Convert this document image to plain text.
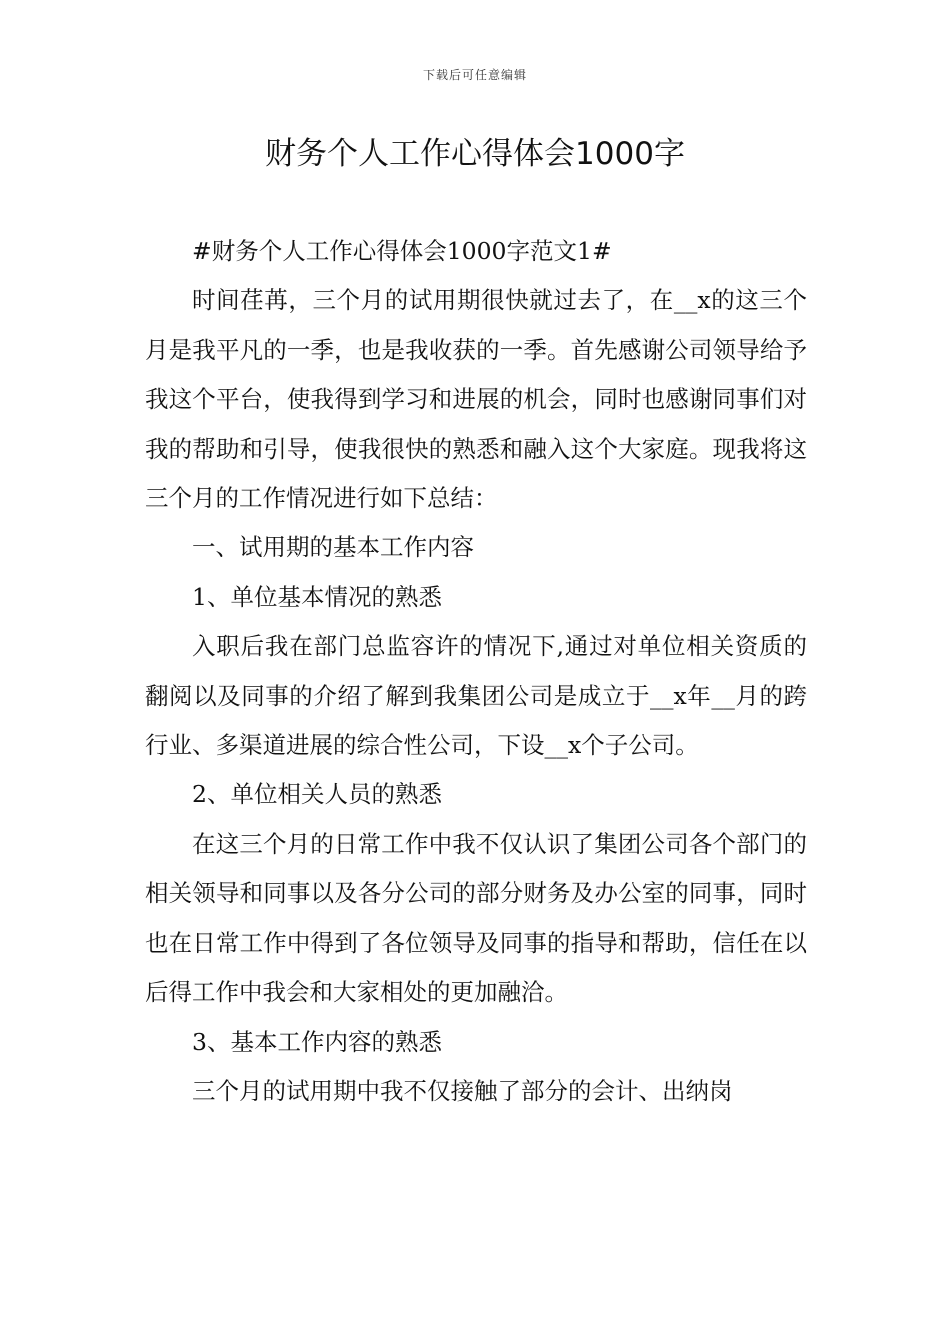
下载后可任意编辑
财务个人工作心得体会1000字

#财务个人工作心得体会1000字范文1#

时间荏苒，三个月的试用期很快就过去了，在__x的这三个月是我平凡的一季，也是我收获的一季。首先感谢公司领导给予我这个平台，使我得到学习和进展的机会，同时也感谢同事们对我的帮助和引导，使我很快的熟悉和融入这个大家庭。现我将这三个月的工作情况进行如下总结：

一、试用期的基本工作内容

1、单位基本情况的熟悉

入职后我在部门总监容许的情况下,通过对单位相关资质的翻阅以及同事的介绍了解到我集团公司是成立于__x年__月的跨行业、多渠道进展的综合性公司，下设__x个子公司。

2、单位相关人员的熟悉

在这三个月的日常工作中我不仅认识了集团公司各个部门的相关领导和同事以及各分公司的部分财务及办公室的同事，同时也在日常工作中得到了各位领导及同事的指导和帮助，信任在以后得工作中我会和大家相处的更加融洽。

3、基本工作内容的熟悉

三个月的试用期中我不仅接触了部分的会计、出纳岗
